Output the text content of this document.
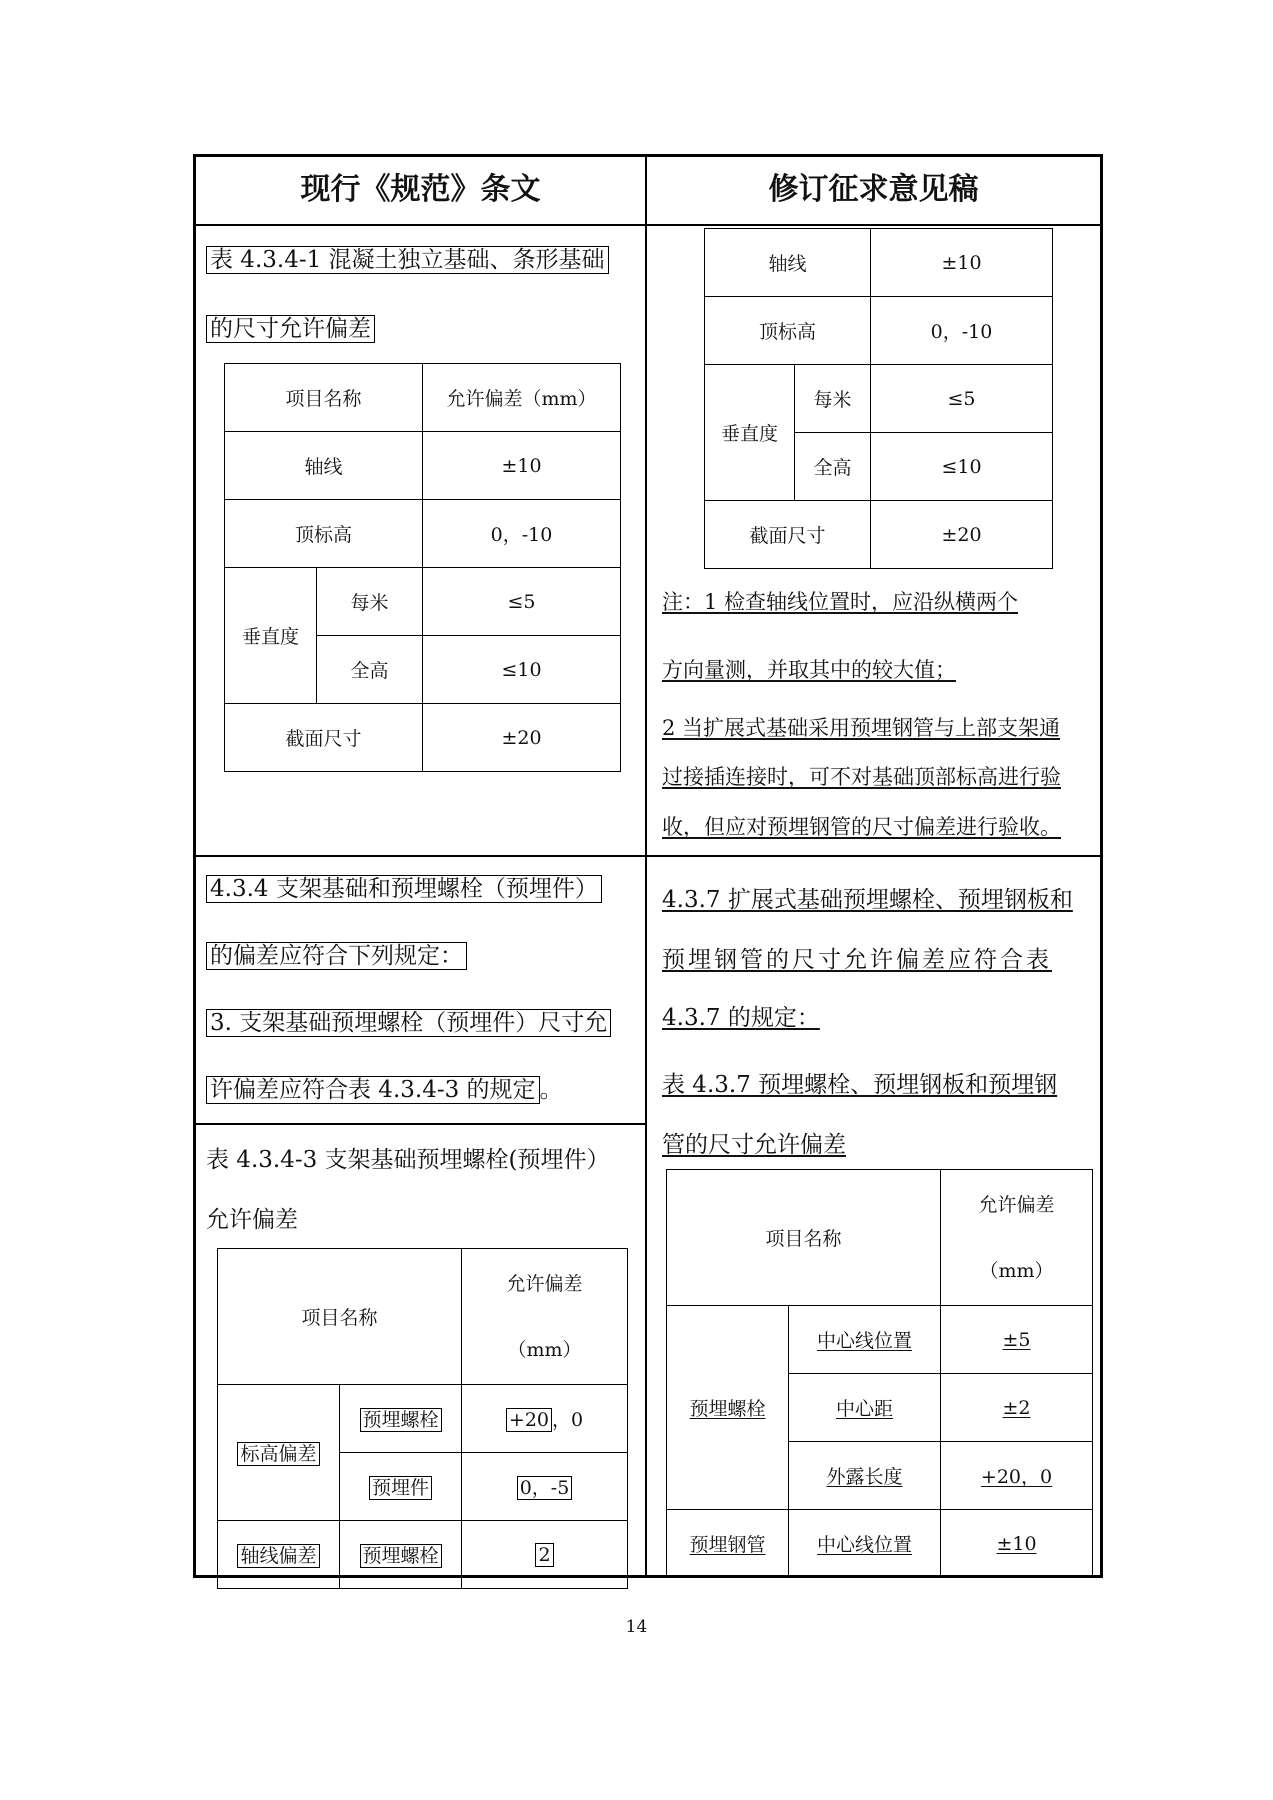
现行《规范》条文	修订征求意见稿
表 4.3.4-1 混凝土独立基础、条形基础
的尺寸允许偏差
项目名称		允许偏差（mm）
轴线		±10
顶标高		0，-10
垂直度	每米	≤5
	全高	≤10
截面尺寸		±20
轴线		±10
顶标高		0，-10
垂直度	每米	≤5
	全高	≤10
截面尺寸		±20
注：1 检查轴线位置时，应沿纵横两个
方向量测，并取其中的较大值；
2 当扩展式基础采用预埋钢管与上部支架通
过接插连接时，可不对基础顶部标高进行验
收，但应对预埋钢管的尺寸偏差进行验收。
4.3.4 支架基础和预埋螺栓（预埋件）
的偏差应符合下列规定：
3. 支架基础预埋螺栓（预埋件）尺寸允
许偏差应符合表 4.3.4-3 的规定 。
表 4.3.4-3 支架基础预埋螺栓(预埋件）
允许偏差
项目名称		允许偏差
（mm）

标高偏差	预埋螺栓	+20 ，0
	预埋件	0，-5
轴线偏差	预埋螺栓	2
4.3.7 扩展式基础预埋螺栓、预埋钢板和
预埋钢管的尺寸允许偏差应符合表
4.3.7 的规定：
表 4.3.7 预埋螺栓、预埋钢板和预埋钢
管的尺寸允许偏差
项目名称		允许偏差
（mm）

预埋螺栓	中心线位置	±5
	中心距	±2
	外露长度	+20，0
预埋钢管	中心线位置	±10
14
